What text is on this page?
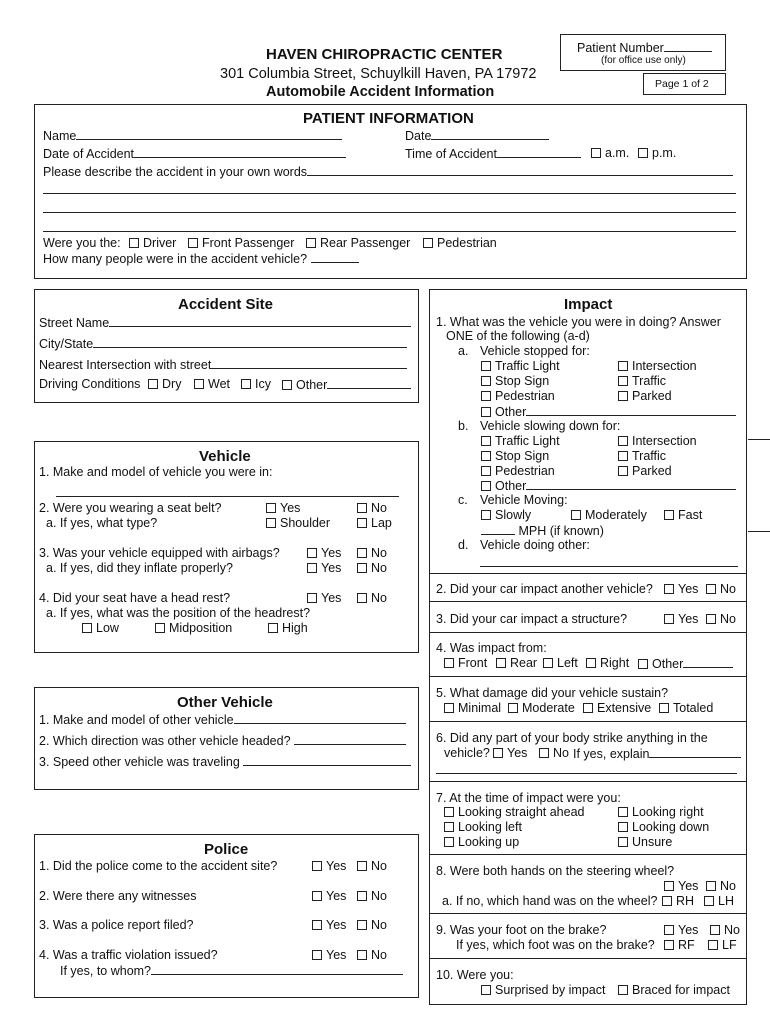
HAVEN CHIROPRACTIC CENTER
301 Columbia Street, Schuylkill Haven, PA 17972
Automobile Accident Information
Patient Number
(for office use only)
Page 1 of 2
PATIENT INFORMATION
Name	Date
Date of Accident	Time of Accident	a.m.	p.m.
Please describe the accident in your own words
Were you the:	Driver	Front Passenger	Rear Passenger	Pedestrian
How many people were in the accident vehicle?
Accident Site
Street Name
City/State
Nearest Intersection with street
Driving Conditions	Dry	Wet	Icy	Other
Vehicle
1. Make and model of vehicle you were in:
2. Were you wearing a seat belt?	Yes	No
a. If yes, what type?	Shoulder	Lap
3. Was your vehicle equipped with airbags?	Yes	No
a. If yes, did they inflate properly?	Yes	No
4. Did your seat have a head rest?	Yes	No
a. If yes, what was the position of the headrest?
Low	Midposition	High
Other Vehicle
1. Make and model of other vehicle
2. Which direction was other vehicle headed?
3. Speed other vehicle was traveling
Police
1. Did the police come to the accident site?	Yes	No
2. Were there any witnesses	Yes	No
3. Was a police report filed?	Yes	No
4. Was a traffic violation issued?	Yes	No
If yes, to whom?
Impact
1. What was the vehicle you were in doing? Answer
ONE of the following (a-d)
a. Vehicle stopped for:
Traffic Light	Intersection
Stop Sign	Traffic
Pedestrian	Parked
Other
b. Vehicle slowing down for:
Traffic Light	Intersection
Stop Sign	Traffic
Pedestrian	Parked
Other
c. Vehicle Moving:
Slowly	Moderately	Fast
MPH (if known)
d. Vehicle doing other:
2. Did your car impact another vehicle?	Yes	No
3. Did your car impact a structure?	Yes	No
4. Was impact from:
Front	Rear	Left	Right	Other
5. What damage did your vehicle sustain?
Minimal	Moderate	Extensive	Totaled
6. Did any part of your body strike anything in the
vehicle?	Yes	No If yes, explain
7. At the time of impact were you:
Looking straight ahead	Looking right
Looking left	Looking down
Looking up	Unsure
8. Were both hands on the steering wheel?
Yes	No
a. If no, which hand was on the wheel?	RH	LH
9. Was your foot on the brake?	Yes	No
If yes, which foot was on the brake?	RF	LF
10. Were you:
Surprised by impact	Braced for impact
